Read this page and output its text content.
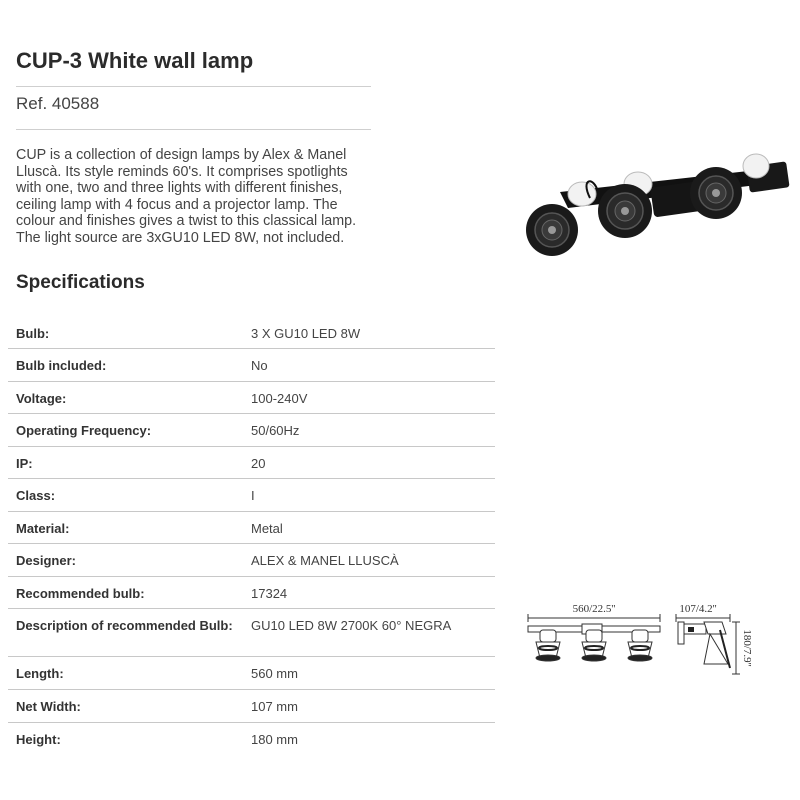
CUP-3 White wall lamp
Ref. 40588
CUP is a collection of design lamps by Alex & Manel
Lluscà. Its style reminds 60's. It comprises spotlights
with one, two and three lights with different finishes,
ceiling lamp with 4 focus and a projector lamp. The
colour and finishes gives a twist to this classical lamp.
The light source are 3xGU10 LED 8W, not included.
Specifications
Bulb:	3 X GU10 LED 8W
Bulb included:	No
Voltage:	100-240V
Operating Frequency:	50/60Hz
IP:	20
Class:	I
Material:	Metal
Designer:	ALEX & MANEL LLUSCÀ
Recommended bulb:	17324
Description of recommended Bulb:	GU10 LED 8W 2700K 60° NEGRA
Length:	560 mm
Net Width:	107 mm
Height:	180 mm
560/22.5''	107/4.2''
180/7.9''
